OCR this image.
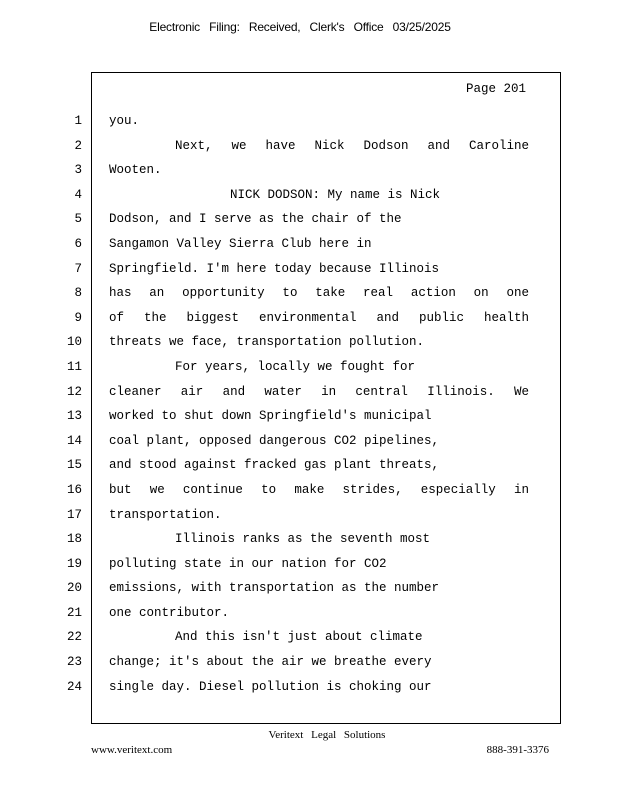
Electronic Filing: Received, Clerk's Office 03/25/2025
Page 201
1 you.
2	Next, we have Nick Dodson and Caroline
3 Wooten.
4	NICK DODSON: My name is Nick
5 Dodson, and I serve as the chair of the
6 Sangamon Valley Sierra Club here in
7 Springfield. I'm here today because Illinois
8 has an opportunity to take real action on one
9 of the biggest environmental and public health
10 threats we face, transportation pollution.
11	For years, locally we fought for
12 cleaner air and water in central Illinois. We
13 worked to shut down Springfield's municipal
14 coal plant, opposed dangerous CO2 pipelines,
15 and stood against fracked gas plant threats,
16 but we continue to make strides, especially in
17 transportation.
18	Illinois ranks as the seventh most
19 polluting state in our nation for CO2
20 emissions, with transportation as the number
21 one contributor.
22	And this isn't just about climate
23 change; it's about the air we breathe every
24 single day. Diesel pollution is choking our
Veritext Legal Solutions
www.veritext.com	888-391-3376
